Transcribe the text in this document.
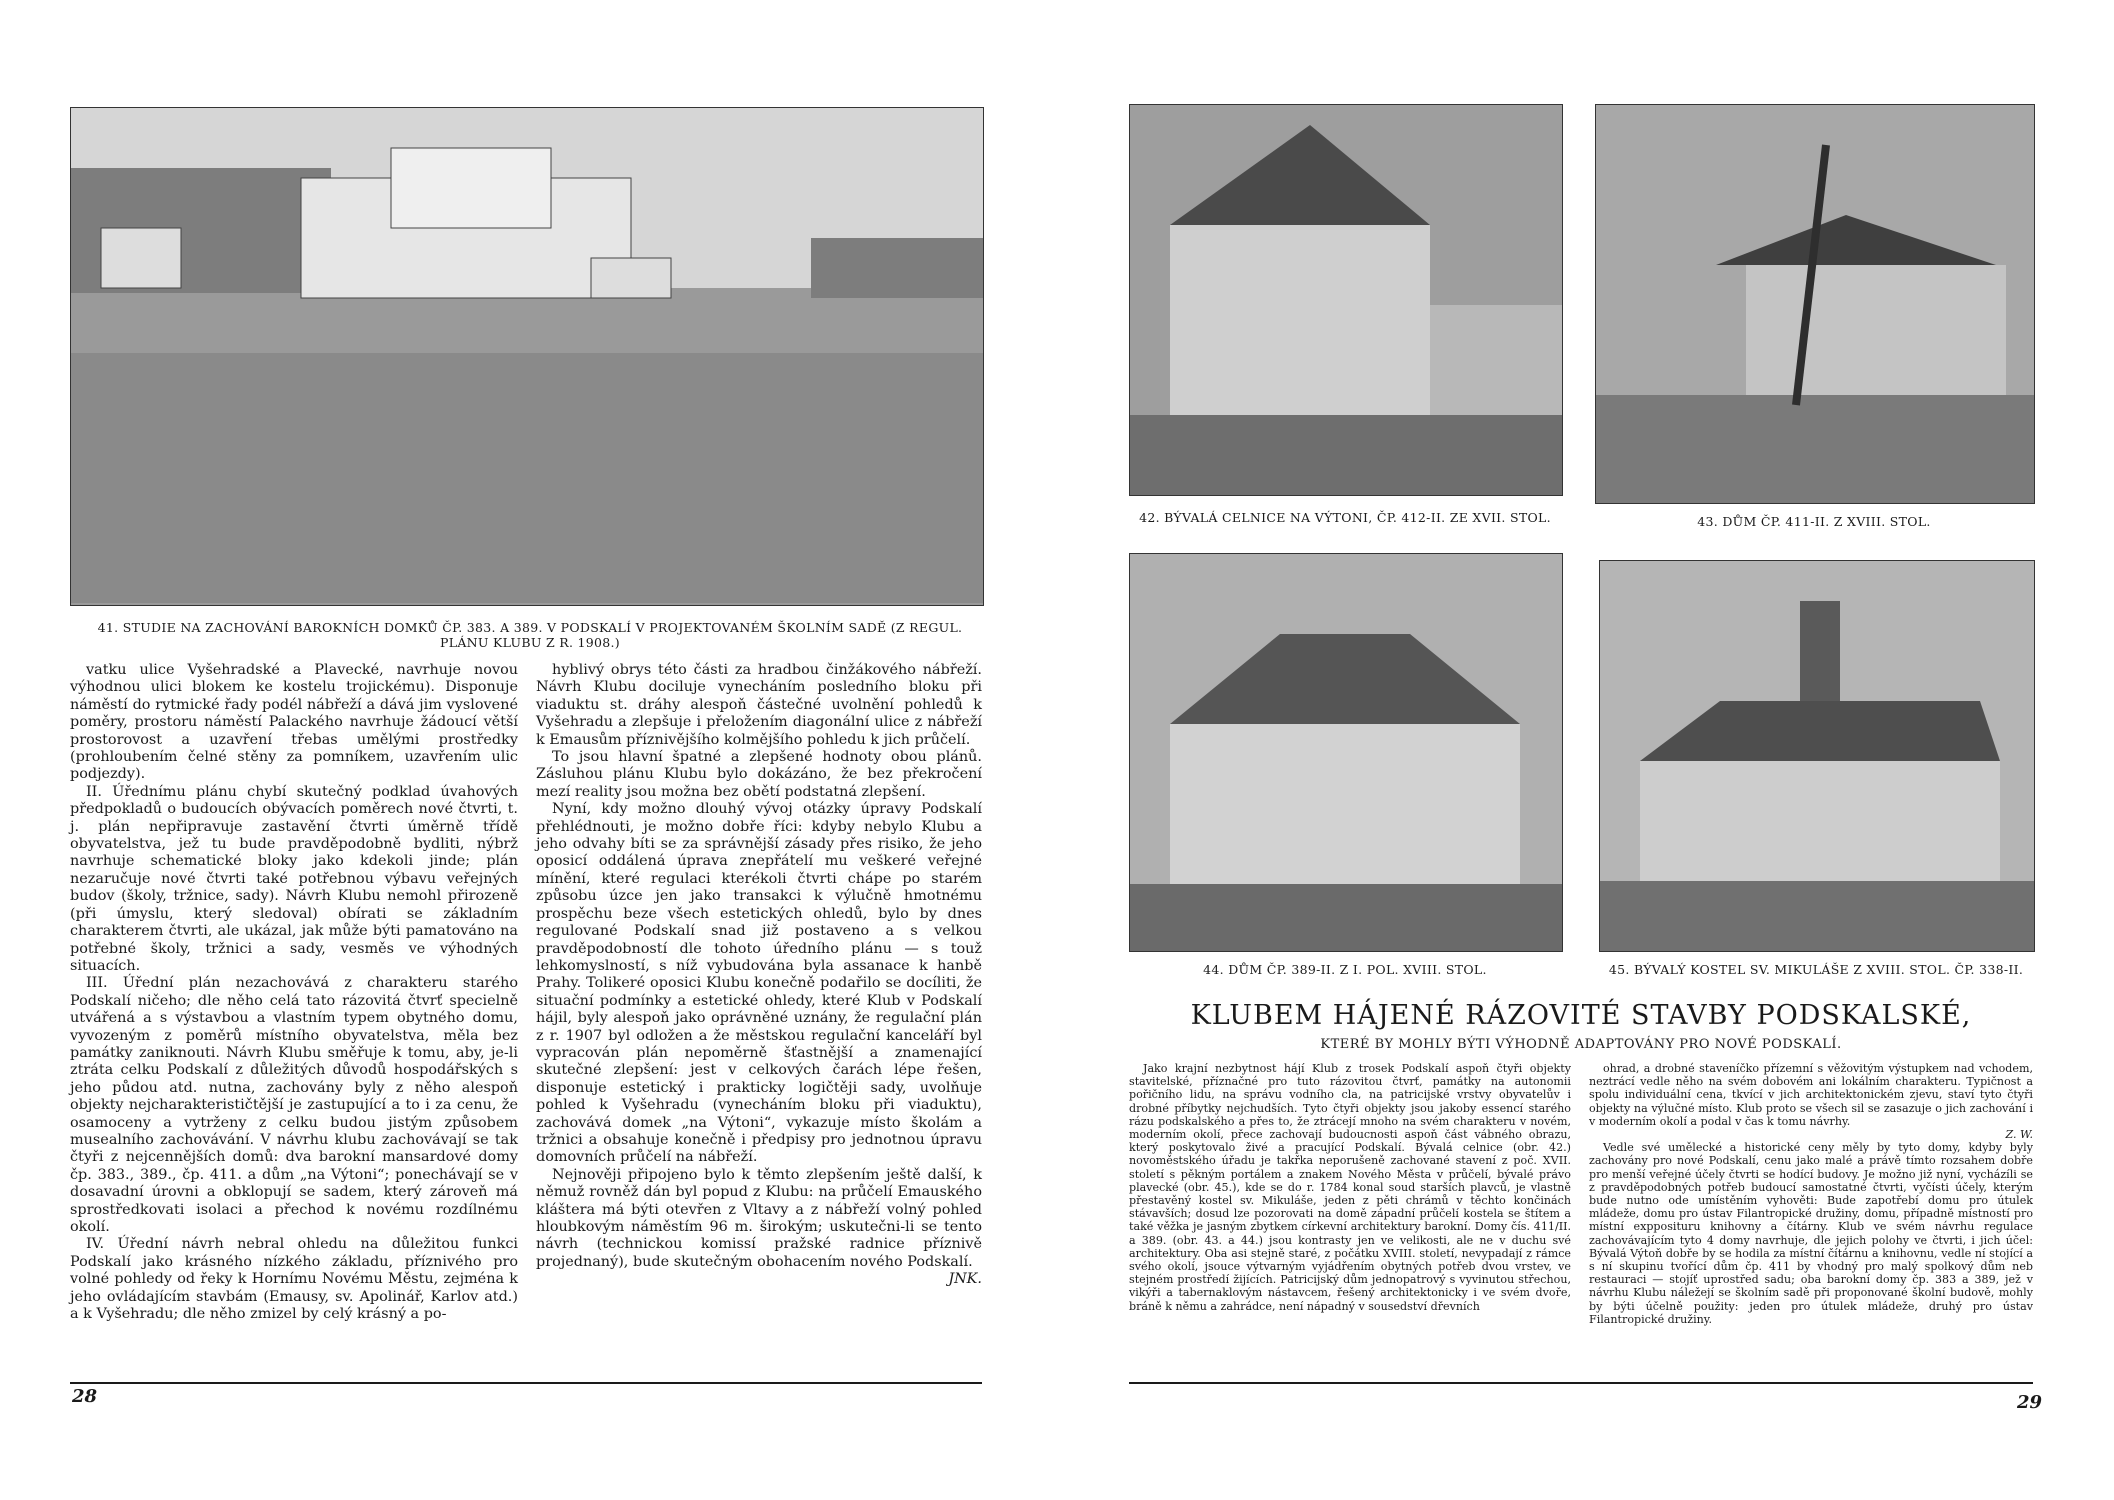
41. STUDIE NA ZACHOVÁNÍ BAROKNÍCH DOMKŮ ČP. 383. A 389. V PODSKALÍ V PROJEKTOVANÉM ŠKOLNÍM SADĚ (Z REGUL. PLÁNU KLUBU Z R. 1908.)

vatku ulice Vyšehradské a Plavecké, navrhuje novou výhodnou ulici blokem ke kostelu trojickému). Disponuje náměstí do rytmické řady podél nábřeží a dává jim vyslovené poměry, prostoru náměstí Palackého navrhuje žádoucí větší prostorovost a uzavření třebas umělými prostředky (prohloubením čelné stěny za pomníkem, uzavřením ulic podjezdy).

II. Úřednímu plánu chybí skutečný podklad úvahových předpokladů o budoucích obývacích poměrech nové čtvrti, t. j. plán nepřipravuje zastavění čtvrti úměrně třídě obyvatelstva, jež tu bude pravděpodobně bydliti, nýbrž navrhuje schematické bloky jako kdekoli jinde; plán nezaručuje nové čtvrti také potřebnou výbavu veřejných budov (školy, tržnice, sady). Návrh Klubu nemohl přirozeně (při úmyslu, který sledoval) obírati se základním charakterem čtvrti, ale ukázal, jak může býti pamatováno na potřebné školy, tržnici a sady, vesměs ve výhodných situacích.

III. Úřední plán nezachovává z charakteru starého Podskalí ničeho; dle něho celá tato rázovitá čtvrť specielně utvářená a s výstavbou a vlastním typem obytného domu, vyvozeným z poměrů místního obyvatelstva, měla bez památky zaniknouti. Návrh Klubu směřuje k tomu, aby, je-li ztráta celku Podskalí z důležitých důvodů hospodářských s jeho půdou atd. nutna, zachovány byly z něho alespoň objekty nejcharakterističtější je zastupující a to i za cenu, že osamoceny a vytrženy z celku budou jistým způsobem musealního zachovávání. V návrhu klubu zachovávají se tak čtyři z nejcennějších domů: dva barokní mansardové domy čp. 383., 389., čp. 411. a dům „na Výtoni“; ponechávají se v dosavadní úrovni a obklopují se sadem, který zároveň má sprostředkovati isolaci a přechod k novému rozdílnému okolí.

IV. Úřední návrh nebral ohledu na důležitou funkci Podskalí jako krásného nízkého základu, příznivého pro volné pohledy od řeky k Hornímu Novému Městu, zejména k jeho ovládajícím stavbám (Emausy, sv. Apolinář, Karlov atd.) a k Vyšehradu; dle něho zmizel by celý krásný a po-

hyblivý obrys této části za hradbou činžákového nábřeží. Návrh Klubu dociluje vynecháním posledního bloku při viaduktu st. dráhy alespoň částečné uvolnění pohledů k Vyšehradu a zlepšuje i přeložením diagonální ulice z nábřeží k Emausům příznivějšího kolmějšího pohledu k jich průčelí.

To jsou hlavní špatné a zlepšené hodnoty obou plánů. Zásluhou plánu Klubu bylo dokázáno, že bez překročení mezí reality jsou možna bez obětí podstatná zlepšení.

Nyní, kdy možno dlouhý vývoj otázky úpravy Podskalí přehlédnouti, je možno dobře říci: kdyby nebylo Klubu a jeho odvahy bíti se za správnější zásady přes risiko, že jeho oposicí oddálená úprava znepřátelí mu veškeré veřejné mínění, které regulaci kterékoli čtvrti chápe po starém způsobu úzce jen jako transakci k výlučně hmotnému prospěchu beze všech estetických ohledů, bylo by dnes regulované Podskalí snad již postaveno a s velkou pravděpodobností dle tohoto úředního plánu — s touž lehkomyslností, s níž vybudována byla assanace k hanbě Prahy. Tolikeré oposici Klubu konečně podařilo se docíliti, že situační podmínky a estetické ohledy, které Klub v Podskalí hájil, byly alespoň jako oprávněné uznány, že regulační plán z r. 1907 byl odložen a že městskou regulační kanceláří byl vypracován plán nepoměrně šťastnější a znamenající skutečné zlepšení: jest v celkových čarách lépe řešen, disponuje estetický i prakticky logičtěji sady, uvolňuje pohled k Vyšehradu (vynecháním bloku při viaduktu), zachovává domek „na Výtoni“, vykazuje místo školám a tržnici a obsahuje konečně i předpisy pro jednotnou úpravu domovních průčelí na nábřeží.

Nejnověji připojeno bylo k těmto zlepšením ještě další, k němuž rovněž dán byl popud z Klubu: na průčelí Emauského kláštera má býti otevřen z Vltavy a z nábřeží volný pohled hloubkovým náměstím 96 m. širokým; uskutečni-li se tento návrh (technickou komissí pražské radnice příznivě projednaný), bude skutečným obohacením nového Podskalí.

JNK.

28
42. BÝVALÁ CELNICE NA VÝTONI, ČP. 412-II. ZE XVII. STOL.	43. DŮM ČP. 411-II. Z XVIII. STOL.
44. DŮM ČP. 389-II. Z I. POL. XVIII. STOL.	45. BÝVALÝ KOSTEL SV. MIKULÁŠE Z XVIII. STOL. ČP. 338-II.
KLUBEM HÁJENÉ RÁZOVITÉ STAVBY PODSKALSKÉ,
KTERÉ BY MOHLY BÝTI VÝHODNĚ ADAPTOVÁNY PRO NOVÉ PODSKALÍ.

Jako krajní nezbytnost hájí Klub z trosek Podskalí aspoň čtyři objekty stavitelské, příznačné pro tuto rázovitou čtvrť, památky na autonomii pořičního lidu, na správu vodního cla, na patricijské vrstvy obyvatelův i drobné příbytky nejchudších. Tyto čtyři objekty jsou jakoby essencí starého rázu podskalského a přes to, že ztrácejí mnoho na svém charakteru v novém, moderním okolí, přece zachovají budoucnosti aspoň část vábného obrazu, který poskytovalo živé a pracující Podskalí. Bývalá celnice (obr. 42.) novoměstského úřadu je takřka neporušeně zachované stavení z poč. XVII. století s pěkným portálem a znakem Nového Města v průčelí, bývalé právo plavecké (obr. 45.), kde se do r. 1784 konal soud starších plavců, je vlastně přestavěný kostel sv. Mikuláše, jeden z pěti chrámů v těchto končinách stávavších; dosud lze pozorovati na domě západní průčelí kostela se štítem a také věžka je jasným zbytkem církevní architektury barokní. Domy čís. 411/II. a 389. (obr. 43. a 44.) jsou kontrasty jen ve velikosti, ale ne v duchu své architektury. Oba asi stejně staré, z počátku XVIII. století, nevypadají z rámce svého okolí, jsouce výtvarným vyjádřením obytných potřeb dvou vrstev, ve stejném prostředí žijících. Patricijský dům jednopatrový s vyvinutou střechou, vikýři a tabernaklovým nástavcem, řešený architektonicky i ve svém dvoře, bráně k němu a zahrádce, není nápadný v sousedství dřevních

ohrad, a drobné staveníčko přízemní s věžovitým výstupkem nad vchodem, neztrácí vedle něho na svém dobovém ani lokálním charakteru. Typičnost a spolu individuální cena, tkvící v jich architektonickém zjevu, staví tyto čtyři objekty na výlučné místo. Klub proto se všech sil se zasazuje o jich zachování i v moderním okolí a podal v čas k tomu návrhy.

Z. W.

Vedle své umělecké a historické ceny měly by tyto domy, kdyby byly zachovány pro nové Podskalí, cenu jako malé a právě tímto rozsahem dobře pro menší veřejné účely čtvrti se hodící budovy. Je možno již nyní, vycházíli se z pravděpodobných potřeb budoucí samostatné čtvrti, vyčísti účely, kterým bude nutno ode umístěním vyhověti: Bude zapotřebí domu pro útulek mládeže, domu pro ústav Filantropické družiny, domu, případně místností pro místní expposituru knihovny a čítárny. Klub ve svém návrhu regulace zachovávajícím tyto 4 domy navrhuje, dle jejich polohy ve čtvrti, i jich účel: Bývalá Výtoň dobře by se hodila za místní čítárnu a knihovnu, vedle ní stojící a s ní skupinu tvořící dům čp. 411 by vhodný pro malý spolkový dům neb restauraci — stojíť uprostřed sadu; oba barokní domy čp. 383 a 389, jež v návrhu Klubu náležejí se školním sadě při proponované školní budově, mohly by býti účelně použity: jeden pro útulek mládeže, druhý pro ústav Filantropické družiny.

29
